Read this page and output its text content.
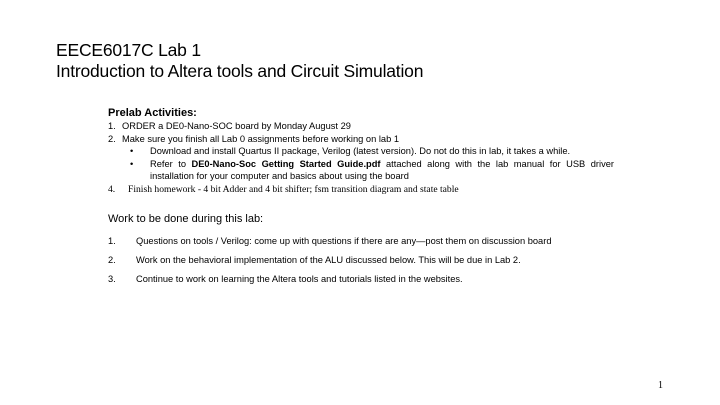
EECE6017C Lab 1
Introduction to Altera tools and Circuit Simulation
Prelab Activities:
1. ORDER a DE0-Nano-SOC board by Monday August 29
2. Make sure you finish all Lab 0 assignments before working on lab 1
• Download and install Quartus II package, Verilog (latest version). Do not do this in lab, it takes a while.
• Refer to DE0-Nano-Soc Getting Started Guide.pdf attached along with the lab manual for USB driver installation for your computer and basics about using the board
4. Finish homework - 4 bit Adder and 4 bit shifter; fsm transition diagram and state table
Work to be done during this lab:
1. Questions on tools / Verilog: come up with questions if there are any—post them on discussion board
2. Work on the behavioral implementation of the ALU discussed below. This will be due in Lab 2.
3. Continue to work on learning the Altera tools and tutorials listed in the websites.
1
